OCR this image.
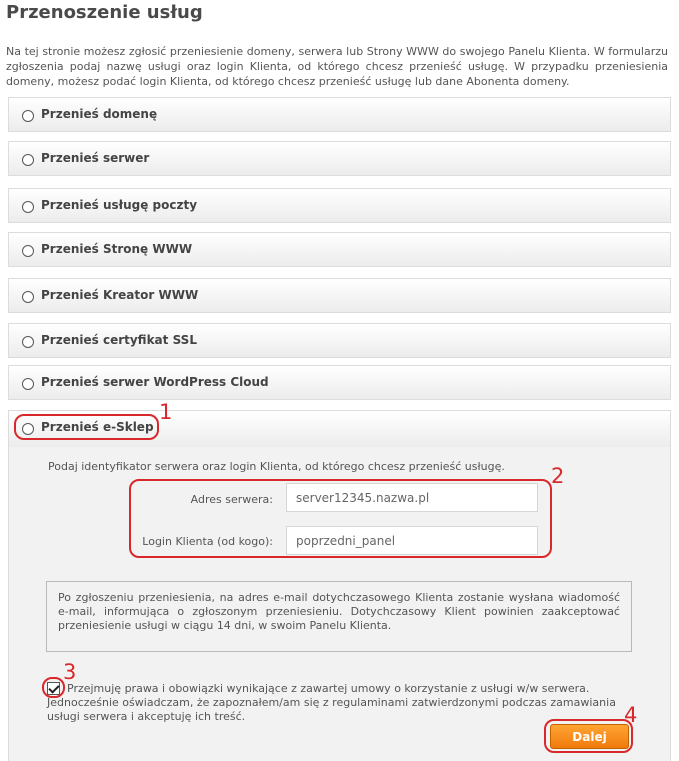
Przenoszenie usług

Na tej stronie możesz zgłosić przeniesienie domeny, serwera lub Strony WWW do swojego Panelu Klienta. W formularzu zgłoszenia podaj nazwę usługi oraz login Klienta, od którego chcesz przenieść usługę. W przypadku przeniesienia domeny, możesz podać login Klienta, od którego chcesz przenieść usługę lub dane Abonenta domeny.

Przenieś domenę
Przenieś serwer
Przenieś usługę poczty
Przenieś Stronę WWW
Przenieś Kreator WWW
Przenieś certyfikat SSL
Przenieś serwer WordPress Cloud
Przenieś e-Sklep
Podaj identyfikator serwera oraz login Klienta, od którego chcesz przenieść usługę.
Adres serwera:
server12345.nazwa.pl
Login Klienta (od kogo):
poprzedni_panel
Po zgłoszeniu przeniesienia, na adres e-mail dotychczasowego Klienta zostanie wysłana wiadomość e-mail, informująca o zgłoszonym przeniesieniu. Dotychczasowy Klient powinien zaakceptować przeniesienie usługi w ciągu 14 dni, w swoim Panelu Klienta.

Przejmuję prawa i obowiązki wynikające z zawartej umowy o korzystanie z usługi w/w serwera. Jednocześnie oświadczam, że zapoznałem/am się z regulaminami zatwierdzonymi podczas zamawiania usługi serwera i akceptuję ich treść.

Dalej
1
2
3
4
